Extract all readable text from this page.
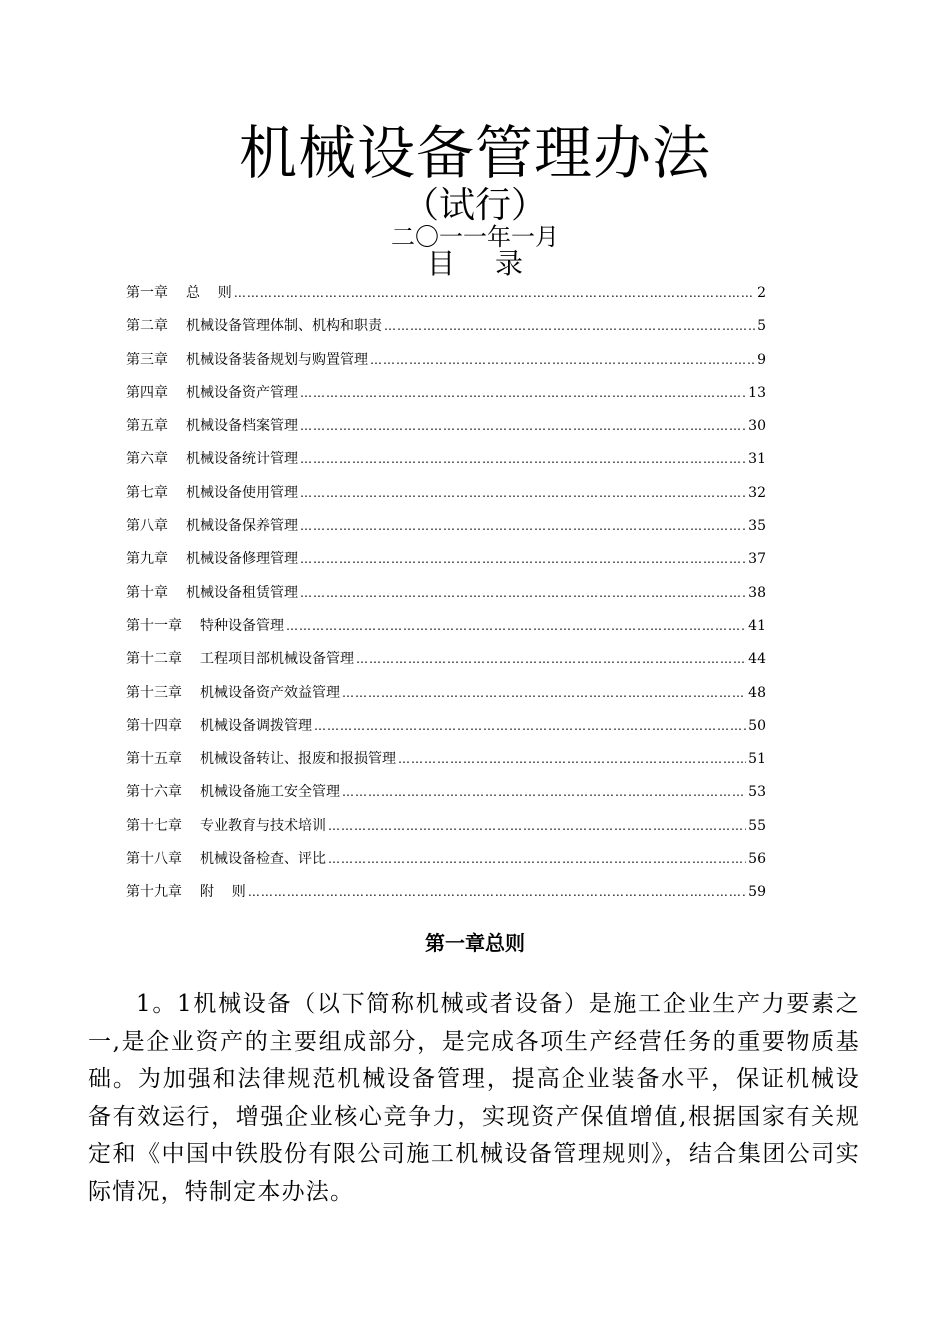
机械设备管理办法
（试行）
二〇一一年一月
目录
第一章 总    则 ……………………………………………………………………………………………………………………………………………………………………………………	2
第二章 机械设备管理体制、机构和职责 ……………………………………………………………………………………………………………………………………………………………………………………	5
第三章 机械设备装备规划与购置管理 ……………………………………………………………………………………………………………………………………………………………………………………	9
第四章 机械设备资产管理 ……………………………………………………………………………………………………………………………………………………………………………………	13
第五章 机械设备档案管理 ……………………………………………………………………………………………………………………………………………………………………………………	30
第六章 机械设备统计管理 ……………………………………………………………………………………………………………………………………………………………………………………	31
第七章 机械设备使用管理 ……………………………………………………………………………………………………………………………………………………………………………………	32
第八章 机械设备保养管理 ……………………………………………………………………………………………………………………………………………………………………………………	35
第九章 机械设备修理管理 ……………………………………………………………………………………………………………………………………………………………………………………	37
第十章 机械设备租赁管理 ……………………………………………………………………………………………………………………………………………………………………………………	38
第十一章 特种设备管理 ……………………………………………………………………………………………………………………………………………………………………………………	41
第十二章 工程项目部机械设备管理 ……………………………………………………………………………………………………………………………………………………………………………………	44
第十三章 机械设备资产效益管理 ……………………………………………………………………………………………………………………………………………………………………………………	48
第十四章 机械设备调拨管理 ……………………………………………………………………………………………………………………………………………………………………………………	50
第十五章 机械设备转让、报废和报损管理 ……………………………………………………………………………………………………………………………………………………………………………………	51
第十六章 机械设备施工安全管理 ……………………………………………………………………………………………………………………………………………………………………………………	53
第十七章 专业教育与技术培训 ……………………………………………………………………………………………………………………………………………………………………………………	55
第十八章 机械设备检查、评比 ……………………………………………………………………………………………………………………………………………………………………………………	56
第十九章 附    则 ……………………………………………………………………………………………………………………………………………………………………………………	59
第一章总则
1。1机械设备（以下简称机械或者设备）是施工企业生产力要素之一,是企业资产的主要组成部分，是完成各项生产经营任务的重要物质基础。为加强和法律规范机械设备管理，提高企业装备水平，保证机械设备有效运行，增强企业核心竞争力，实现资产保值增值,根据国家有关规定和《中国中铁股份有限公司施工机械设备管理规则》，结合集团公司实际情况，特制定本办法。
